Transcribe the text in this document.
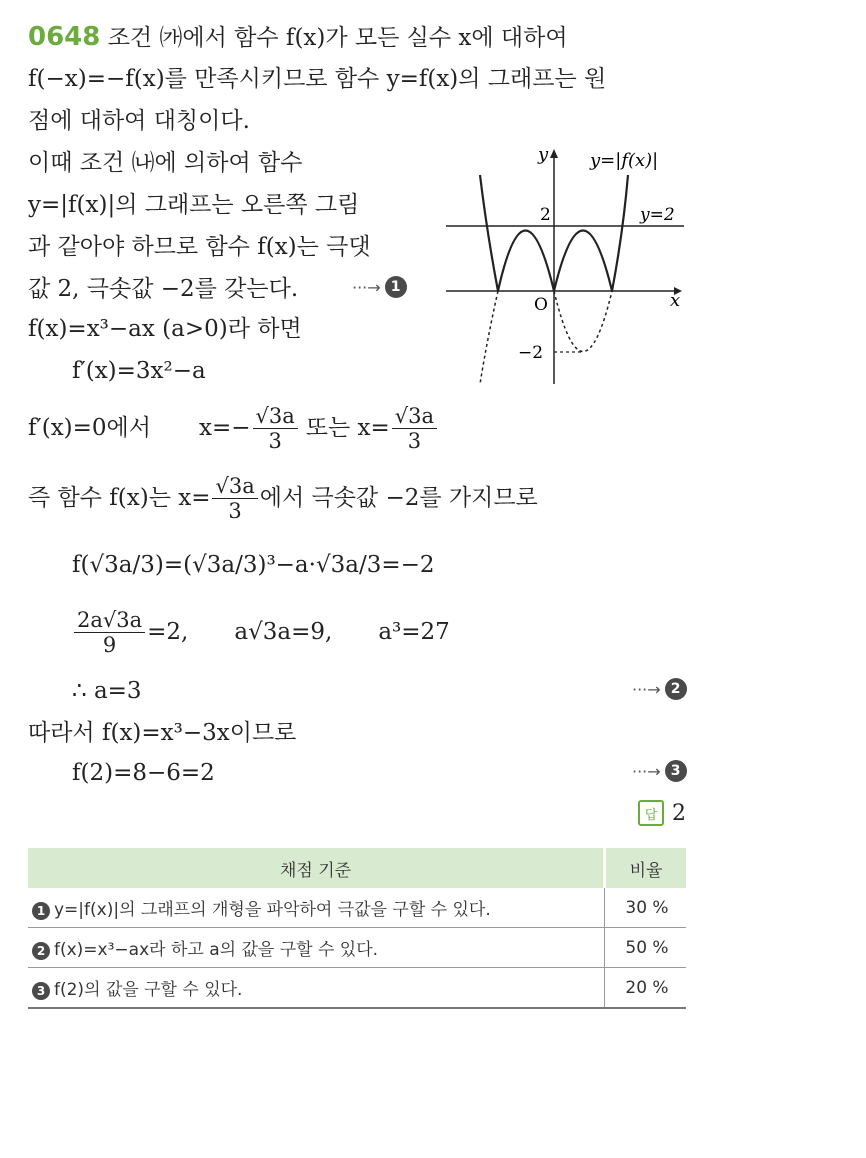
0648 조건 ㈎에서 함수 f(x)가 모든 실수 x에 대하여
f(−x)=−f(x)를 만족시키므로 함수 y=f(x)의 그래프는 원
점에 대하여 대칭이다.
이때 조건 ㈏에 의하여 함수
y=|f(x)|의 그래프는 오른쪽 그림
과 같아야 하므로 함수 f(x)는 극댓
값 2, 극솟값 −2를 갖는다.	···→ 1
f(x)=x³−ax (a>0)라 하면
f′(x)=3x²−a
f′(x)=0에서 $x=- \frac{√3a}{3}$ 또는 $x= \frac{√3a}{3}$
즉 함수 f(x)는 $x= \frac{√3a}{3}$ 에서 극솟값 −2를 가지므로
f(√3a/3)=(√3a/3)³−a·√3a/3=−2
$\frac{2a√3a}{9} =2$, a√3a=9, a³=27
∴ a=3	···→ 2
따라서 f(x)=x³−3x이므로
f(2)=8−6=2	···→ 3
답 2
y y=|f(x)|
2	y=2
O	x
−2
채점 기준	비율
1 y=|f(x)|의 그래프의 개형을 파악하여 극값을 구할 수 있다.	30 %
2 f(x)=x³−ax라 하고 a의 값을 구할 수 있다.	50 %
3 f(2)의 값을 구할 수 있다.	20 %
